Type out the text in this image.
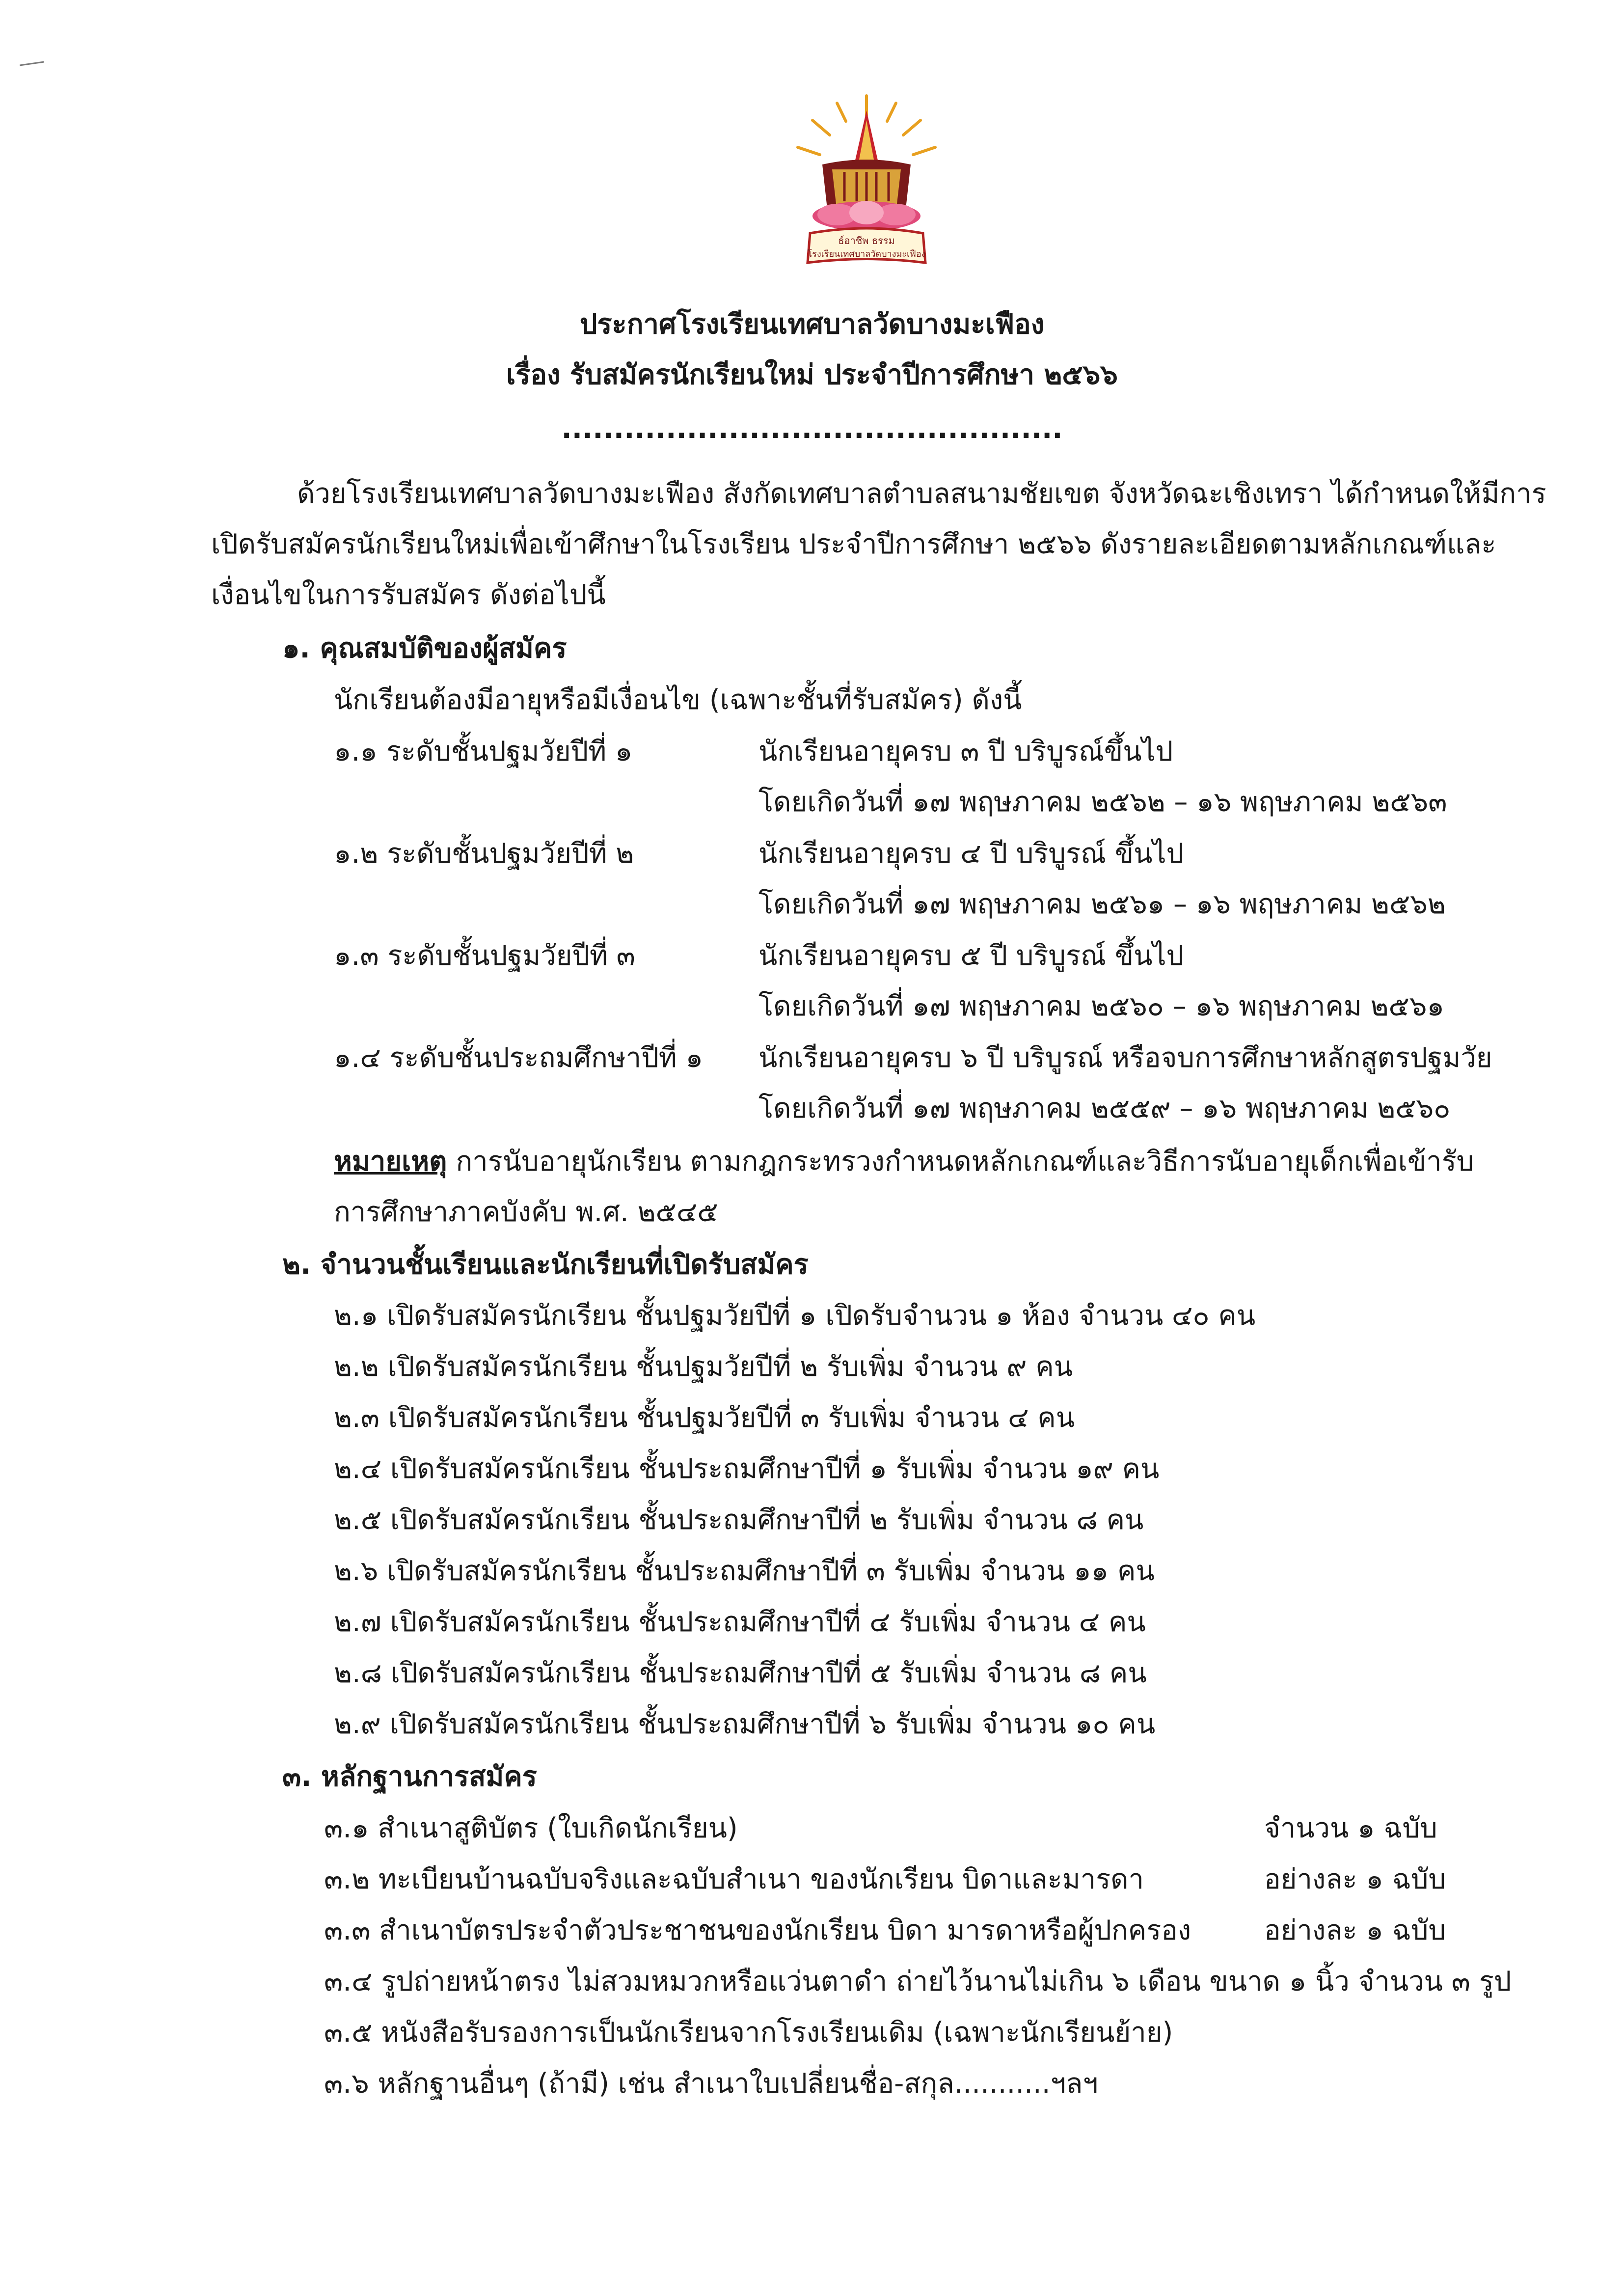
ธ์อาชีพ ธรรม
โรงเรียนเทศบาลวัดบางมะเฟือง
ประกาศโรงเรียนเทศบาลวัดบางมะเฟือง
เรื่อง รับสมัครนักเรียนใหม่ ประจำปีการศึกษา ๒๕๖๖
................................................
ด้วยโรงเรียนเทศบาลวัดบางมะเฟือง สังกัดเทศบาลตำบลสนามชัยเขต จังหวัดฉะเชิงเทรา ได้กำหนดให้มีการ
เปิดรับสมัครนักเรียนใหม่เพื่อเข้าศึกษาในโรงเรียน ประจำปีการศึกษา ๒๕๖๖ ดังรายละเอียดตามหลักเกณฑ์และ
เงื่อนไขในการรับสมัคร ดังต่อไปนี้
๑. คุณสมบัติของผู้สมัคร
นักเรียนต้องมีอายุหรือมีเงื่อนไข (เฉพาะชั้นที่รับสมัคร) ดังนี้
๑.๑ ระดับชั้นปฐมวัยปีที่ ๑	นักเรียนอายุครบ ๓ ปี บริบูรณ์ขึ้นไป
โดยเกิดวันที่ ๑๗ พฤษภาคม ๒๕๖๒ – ๑๖ พฤษภาคม ๒๕๖๓
๑.๒ ระดับชั้นปฐมวัยปีที่ ๒	นักเรียนอายุครบ ๔ ปี บริบูรณ์ ขึ้นไป
โดยเกิดวันที่ ๑๗ พฤษภาคม ๒๕๖๑ – ๑๖ พฤษภาคม ๒๕๖๒
๑.๓ ระดับชั้นปฐมวัยปีที่ ๓	นักเรียนอายุครบ ๕ ปี บริบูรณ์ ขึ้นไป
โดยเกิดวันที่ ๑๗ พฤษภาคม ๒๕๖๐ – ๑๖ พฤษภาคม ๒๕๖๑
๑.๔ ระดับชั้นประถมศึกษาปีที่ ๑ นักเรียนอายุครบ ๖ ปี บริบูรณ์ หรือจบการศึกษาหลักสูตรปฐมวัย
โดยเกิดวันที่ ๑๗ พฤษภาคม ๒๕๕๙ – ๑๖ พฤษภาคม ๒๕๖๐
หมายเหตุ การนับอายุนักเรียน ตามกฎกระทรวงกำหนดหลักเกณฑ์และวิธีการนับอายุเด็กเพื่อเข้ารับ
การศึกษาภาคบังคับ พ.ศ. ๒๕๔๕
๒. จำนวนชั้นเรียนและนักเรียนที่เปิดรับสมัคร
๒.๑ เปิดรับสมัครนักเรียน ชั้นปฐมวัยปีที่ ๑ เปิดรับจำนวน ๑ ห้อง จำนวน ๔๐ คน
๒.๒ เปิดรับสมัครนักเรียน ชั้นปฐมวัยปีที่ ๒ รับเพิ่ม จำนวน ๙ คน
๒.๓ เปิดรับสมัครนักเรียน ชั้นปฐมวัยปีที่ ๓ รับเพิ่ม จำนวน ๔ คน
๒.๔ เปิดรับสมัครนักเรียน ชั้นประถมศึกษาปีที่ ๑ รับเพิ่ม จำนวน ๑๙ คน
๒.๕ เปิดรับสมัครนักเรียน ชั้นประถมศึกษาปีที่ ๒ รับเพิ่ม จำนวน ๘ คน
๒.๖ เปิดรับสมัครนักเรียน ชั้นประถมศึกษาปีที่ ๓ รับเพิ่ม จำนวน ๑๑ คน
๒.๗ เปิดรับสมัครนักเรียน ชั้นประถมศึกษาปีที่ ๔ รับเพิ่ม จำนวน ๔ คน
๒.๘ เปิดรับสมัครนักเรียน ชั้นประถมศึกษาปีที่ ๕ รับเพิ่ม จำนวน ๘ คน
๒.๙ เปิดรับสมัครนักเรียน ชั้นประถมศึกษาปีที่ ๖ รับเพิ่ม จำนวน ๑๐ คน
๓. หลักฐานการสมัคร
๓.๑ สำเนาสูติบัตร (ใบเกิดนักเรียน)	จำนวน ๑ ฉบับ
๓.๒ ทะเบียนบ้านฉบับจริงและฉบับสำเนา ของนักเรียน บิดาและมารดา	อย่างละ ๑ ฉบับ
๓.๓ สำเนาบัตรประจำตัวประชาชนของนักเรียน บิดา มารดาหรือผู้ปกครอง	อย่างละ ๑ ฉบับ
๓.๔ รูปถ่ายหน้าตรง ไม่สวมหมวกหรือแว่นตาดำ ถ่ายไว้นานไม่เกิน ๖ เดือน ขนาด ๑ นิ้ว จำนวน ๓ รูป
๓.๕ หนังสือรับรองการเป็นนักเรียนจากโรงเรียนเดิม (เฉพาะนักเรียนย้าย)
๓.๖ หลักฐานอื่นๆ (ถ้ามี) เช่น สำเนาใบเปลี่ยนชื่อ-สกุล...........ฯลฯ
